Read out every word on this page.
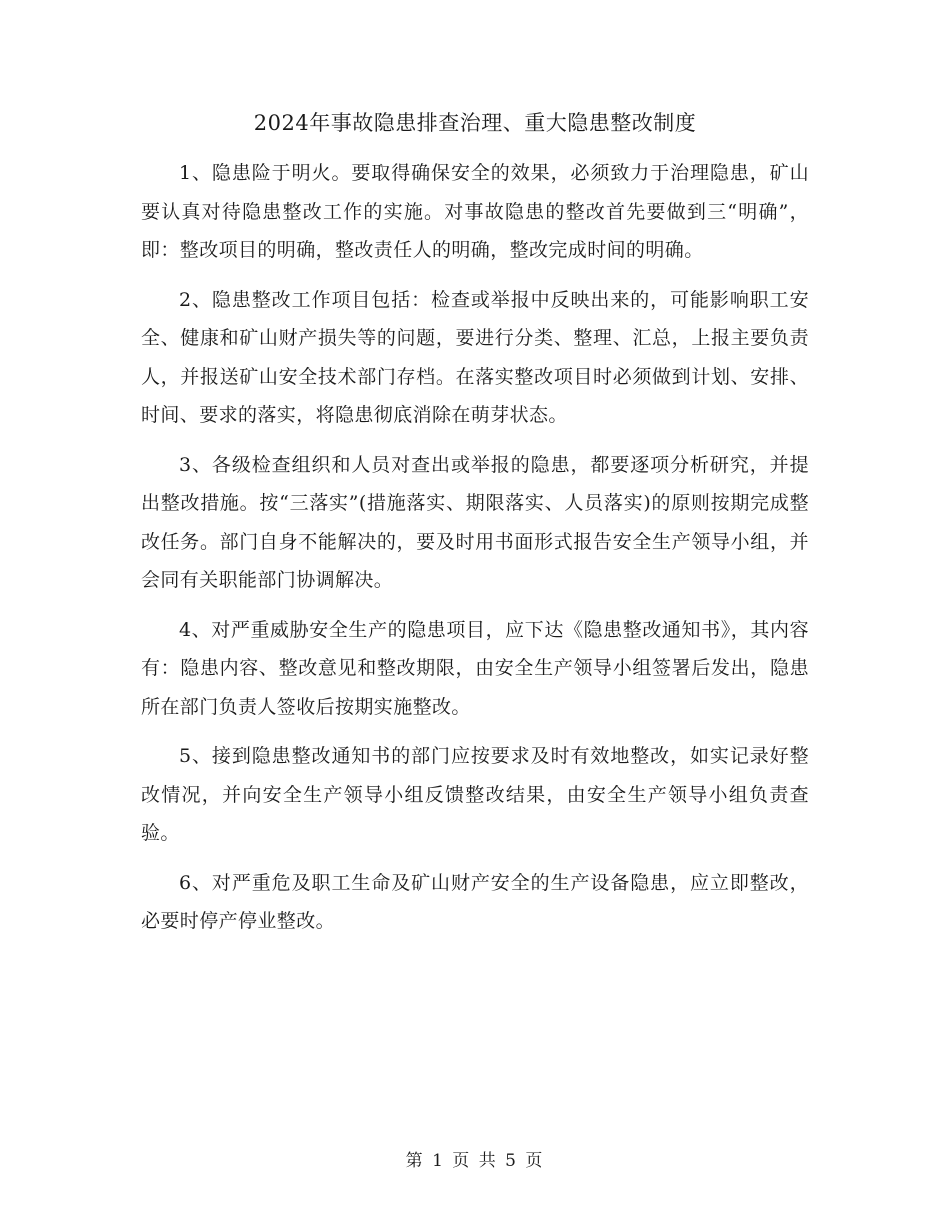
2024年事故隐患排查治理、重大隐患整改制度

1、隐患险于明火。要取得确保安全的效果，必须致力于治理隐患，矿山要认真对待隐患整改工作的实施。对事故隐患的整改首先要做到三“明确”，即：整改项目的明确，整改责任人的明确，整改完成时间的明确。

2、隐患整改工作项目包括：检查或举报中反映出来的，可能影响职工安全、健康和矿山财产损失等的问题，要进行分类、整理、汇总，上报主要负责人，并报送矿山安全技术部门存档。在落实整改项目时必须做到计划、安排、时间、要求的落实，将隐患彻底消除在萌芽状态。

3、各级检查组织和人员对查出或举报的隐患，都要逐项分析研究，并提出整改措施。按“三落实”(措施落实、期限落实、人员落实)的原则按期完成整改任务。部门自身不能解决的，要及时用书面形式报告安全生产领导小组，并会同有关职能部门协调解决。

4、对严重威胁安全生产的隐患项目，应下达《隐患整改通知书》，其内容有：隐患内容、整改意见和整改期限，由安全生产领导小组签署后发出，隐患所在部门负责人签收后按期实施整改。

5、接到隐患整改通知书的部门应按要求及时有效地整改，如实记录好整改情况，并向安全生产领导小组反馈整改结果，由安全生产领导小组负责查验。

6、对严重危及职工生命及矿山财产安全的生产设备隐患，应立即整改，必要时停产停业整改。

第 1 页 共 5 页
